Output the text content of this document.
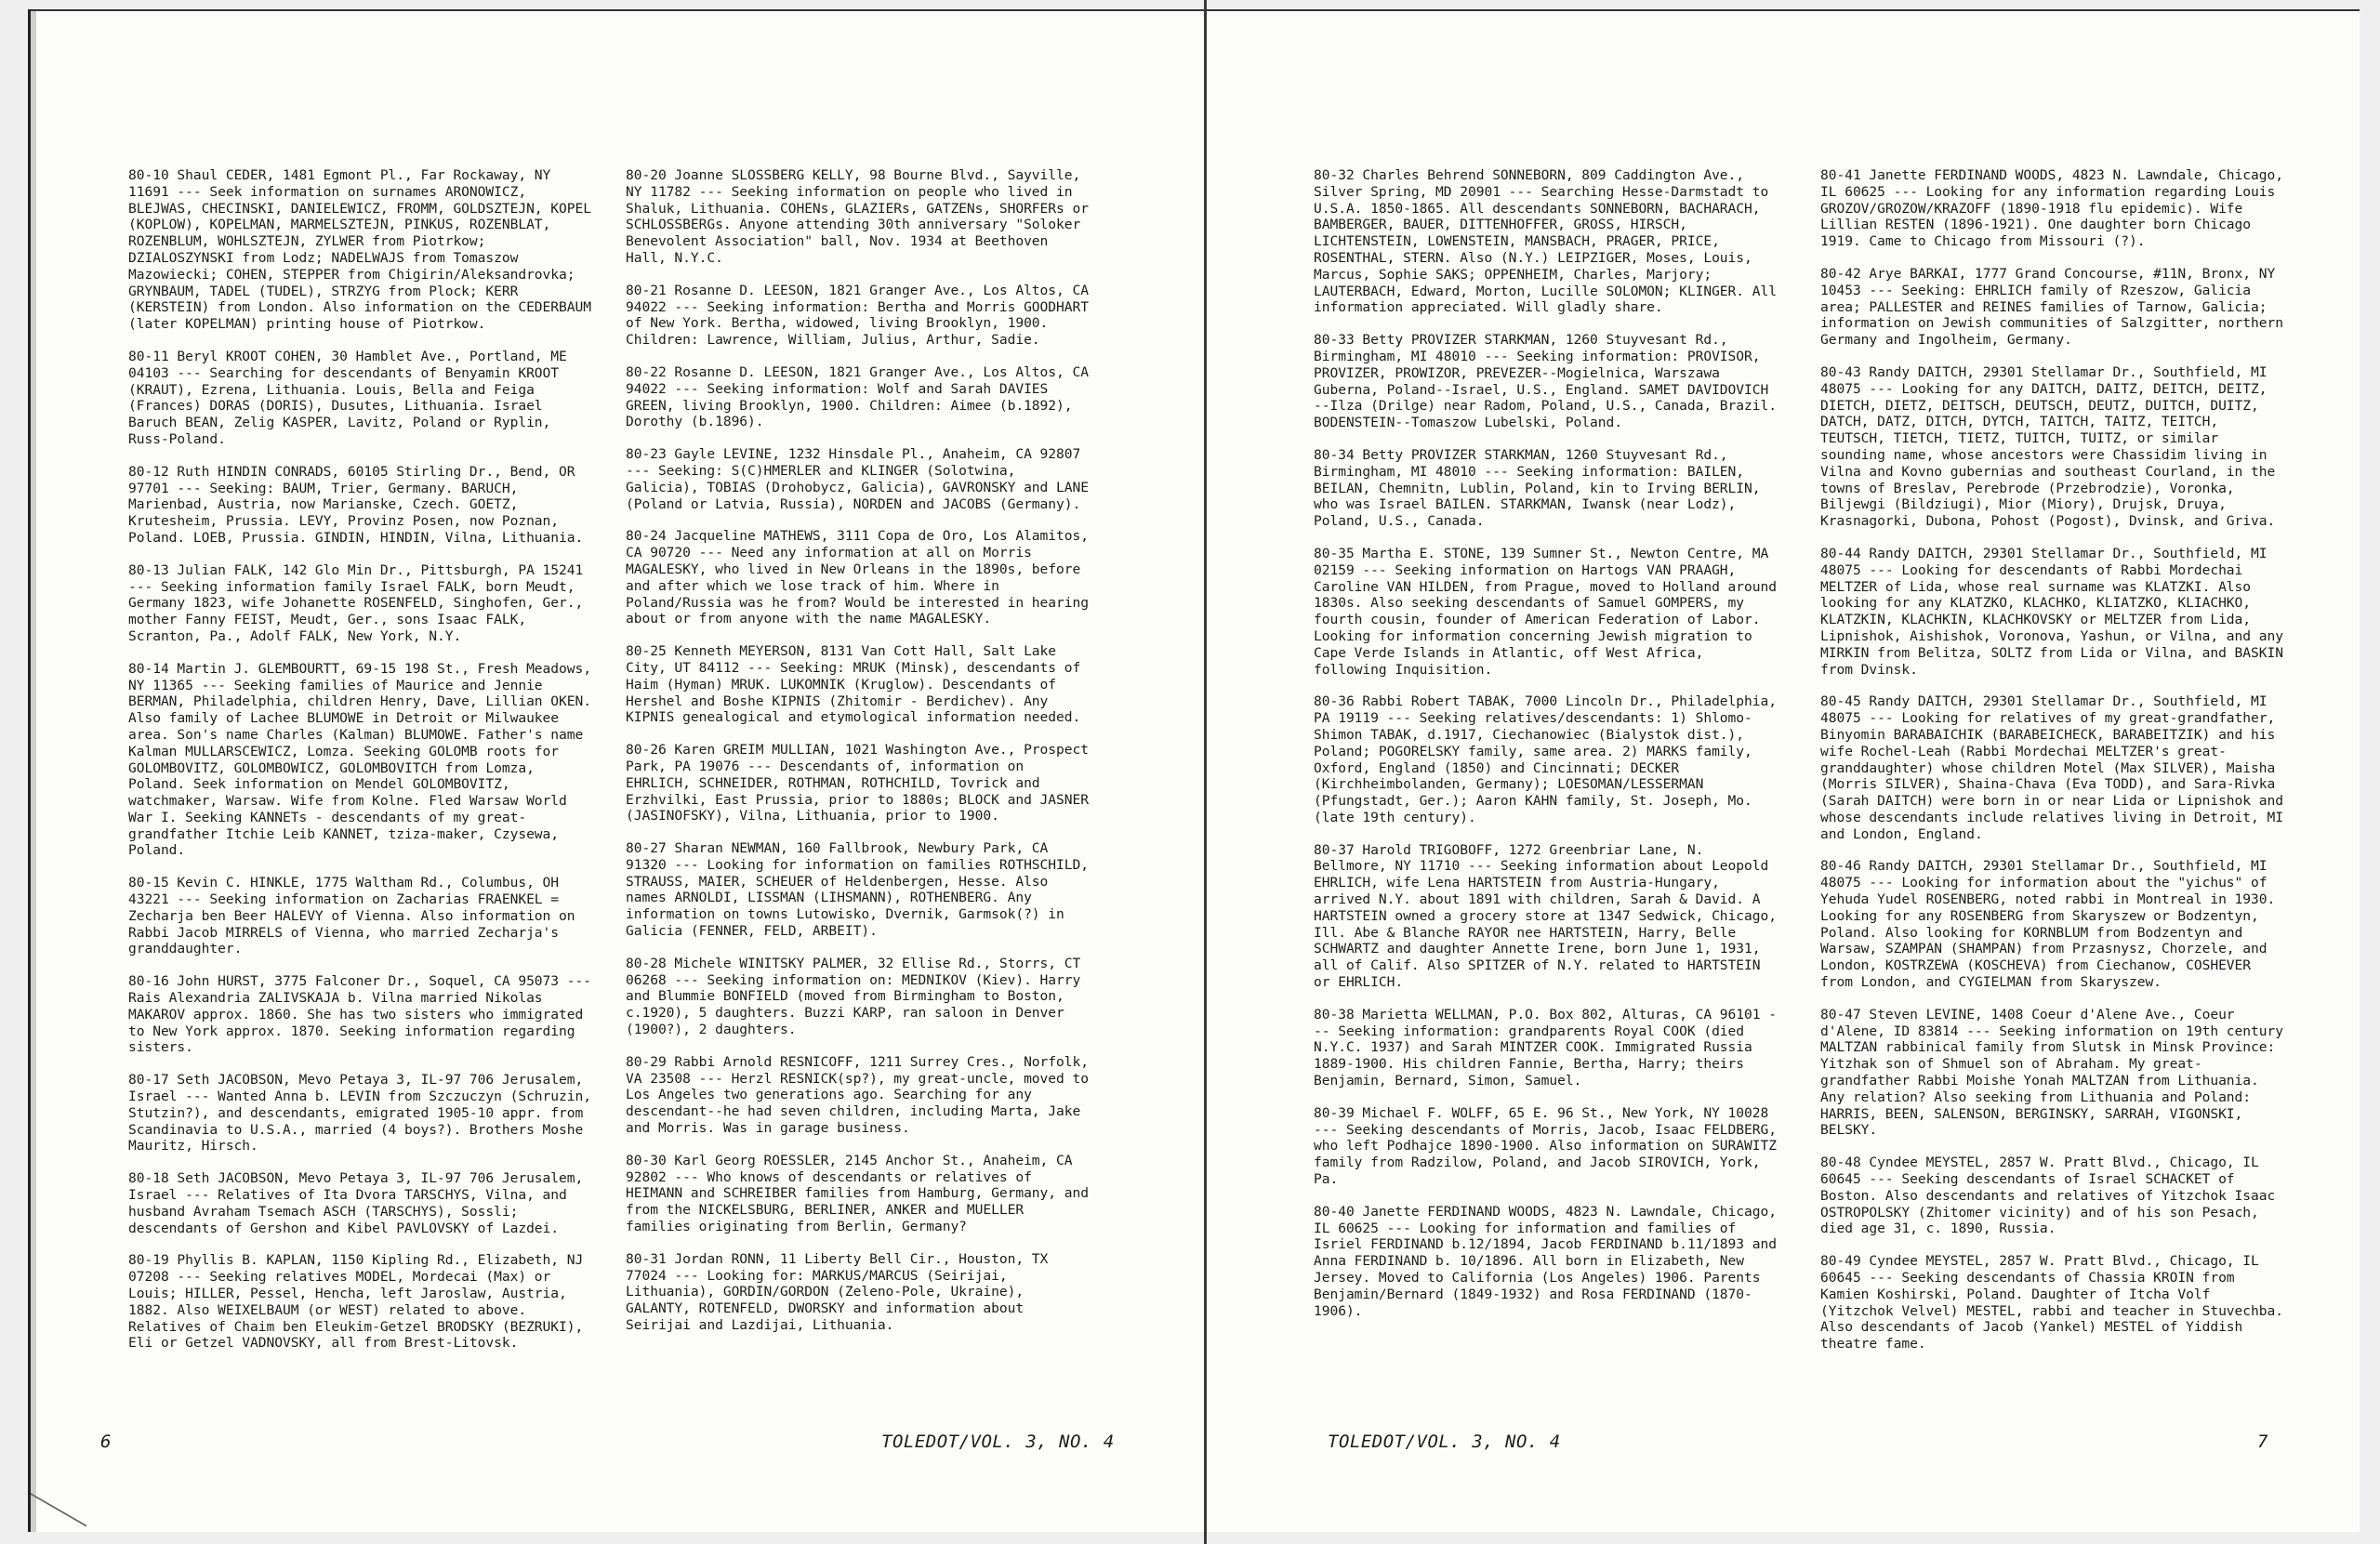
80-10 Shaul CEDER, 1481 Egmont Pl., Far Rockaway, NY 11691 --- Seek information on surnames ARONOWICZ, BLEJWAS, CHECINSKI, DANIELEWICZ, FROMM, GOLDSZTEJN, KOPEL (KOPLOW), KOPELMAN, MARMELSZTEJN, PINKUS, ROZENBLAT, ROZENBLUM, WOHLSZTEJN, ZYLWER from Piotrkow; DZIALOSZYNSKI from Lodz; NADELWAJS from Tomaszow Mazowiecki; COHEN, STEPPER from Chigirin/Aleksandrovka; GRYNBAUM, TADEL (TUDEL), STRZYG from Plock; KERR (KERSTEIN) from London. Also information on the CEDERBAUM (later KOPELMAN) printing house of Piotrkow.

80-11 Beryl KROOT COHEN, 30 Hamblet Ave., Portland, ME 04103 --- Searching for descendants of Benyamin KROOT (KRAUT), Ezrena, Lithuania. Louis, Bella and Feiga (Frances) DORAS (DORIS), Dusutes, Lithuania. Israel Baruch BEAN, Zelig KASPER, Lavitz, Poland or Ryplin, Russ-Poland.

80-12 Ruth HINDIN CONRADS, 60105 Stirling Dr., Bend, OR 97701 --- Seeking: BAUM, Trier, Germany. BARUCH, Marienbad, Austria, now Marianske, Czech. GOETZ, Krutesheim, Prussia. LEVY, Provinz Posen, now Poznan, Poland. LOEB, Prussia. GINDIN, HINDIN, Vilna, Lithuania.

80-13 Julian FALK, 142 Glo Min Dr., Pittsburgh, PA 15241 --- Seeking information family Israel FALK, born Meudt, Germany 1823, wife Johanette ROSENFELD, Singhofen, Ger., mother Fanny FEIST, Meudt, Ger., sons Isaac FALK, Scranton, Pa., Adolf FALK, New York, N.Y.

80-14 Martin J. GLEMBOURTT, 69-15 198 St., Fresh Meadows, NY 11365 --- Seeking families of Maurice and Jennie BERMAN, Philadelphia, children Henry, Dave, Lillian OKEN. Also family of Lachee BLUMOWE in Detroit or Milwaukee area. Son's name Charles (Kalman) BLUMOWE. Father's name Kalman MULLARSCEWICZ, Lomza. Seeking GOLOMB roots for GOLOMBOVITZ, GOLOMBOWICZ, GOLOMBOVITCH from Lomza, Poland. Seek information on Mendel GOLOMBOVITZ, watchmaker, Warsaw. Wife from Kolne. Fled Warsaw World War I. Seeking KANNETs - descendants of my great-grandfather Itchie Leib KANNET, tziza-maker, Czysewa, Poland.

80-15 Kevin C. HINKLE, 1775 Waltham Rd., Columbus, OH 43221 --- Seeking information on Zacharias FRAENKEL = Zecharja ben Beer HALEVY of Vienna. Also information on Rabbi Jacob MIRRELS of Vienna, who married Zecharja's granddaughter.

80-16 John HURST, 3775 Falconer Dr., Soquel, CA 95073 --- Rais Alexandria ZALIVSKAJA b. Vilna married Nikolas MAKAROV approx. 1860. She has two sisters who immigrated to New York approx. 1870. Seeking information regarding sisters.

80-17 Seth JACOBSON, Mevo Petaya 3, IL-97 706 Jerusalem, Israel --- Wanted Anna b. LEVIN from Szczuczyn (Schruzin, Stutzin?), and descendants, emigrated 1905-10 appr. from Scandinavia to U.S.A., married (4 boys?). Brothers Moshe Mauritz, Hirsch.

80-18 Seth JACOBSON, Mevo Petaya 3, IL-97 706 Jerusalem, Israel --- Relatives of Ita Dvora TARSCHYS, Vilna, and husband Avraham Tsemach ASCH (TARSCHYS), Sossli; descendants of Gershon and Kibel PAVLOVSKY of Lazdei.

80-19 Phyllis B. KAPLAN, 1150 Kipling Rd., Elizabeth, NJ 07208 --- Seeking relatives MODEL, Mordecai (Max) or Louis; HILLER, Pessel, Hencha, left Jaroslaw, Austria, 1882. Also WEIXELBAUM (or WEST) related to above. Relatives of Chaim ben Eleukim-Getzel BRODSKY (BEZRUKI), Eli or Getzel VADNOVSKY, all from Brest-Litovsk.

80-20 Joanne SLOSSBERG KELLY, 98 Bourne Blvd., Sayville, NY 11782 --- Seeking information on people who lived in Shaluk, Lithuania. COHENs, GLAZIERs, GATZENs, SHORFERs or SCHLOSSBERGs. Anyone attending 30th anniversary "Soloker Benevolent Association" ball, Nov. 1934 at Beethoven Hall, N.Y.C.

80-21 Rosanne D. LEESON, 1821 Granger Ave., Los Altos, CA 94022 --- Seeking information: Bertha and Morris GOODHART of New York. Bertha, widowed, living Brooklyn, 1900. Children: Lawrence, William, Julius, Arthur, Sadie.

80-22 Rosanne D. LEESON, 1821 Granger Ave., Los Altos, CA 94022 --- Seeking information: Wolf and Sarah DAVIES GREEN, living Brooklyn, 1900. Children: Aimee (b.1892), Dorothy (b.1896).

80-23 Gayle LEVINE, 1232 Hinsdale Pl., Anaheim, CA 92807 --- Seeking: S(C)HMERLER and KLINGER (Solotwina, Galicia), TOBIAS (Drohobycz, Galicia), GAVRONSKY and LANE (Poland or Latvia, Russia), NORDEN and JACOBS (Germany).

80-24 Jacqueline MATHEWS, 3111 Copa de Oro, Los Alamitos, CA 90720 --- Need any information at all on Morris MAGALESKY, who lived in New Orleans in the 1890s, before and after which we lose track of him. Where in Poland/Russia was he from? Would be interested in hearing about or from anyone with the name MAGALESKY.

80-25 Kenneth MEYERSON, 8131 Van Cott Hall, Salt Lake City, UT 84112 --- Seeking: MRUK (Minsk), descendants of Haim (Hyman) MRUK. LUKOMNIK (Kruglow). Descendants of Hershel and Boshe KIPNIS (Zhitomir - Berdichev). Any KIPNIS genealogical and etymological information needed.

80-26 Karen GREIM MULLIAN, 1021 Washington Ave., Prospect Park, PA 19076 --- Descendants of, information on EHRLICH, SCHNEIDER, ROTHMAN, ROTHCHILD, Tovrick and Erzhvilki, East Prussia, prior to 1880s; BLOCK and JASNER (JASINOFSKY), Vilna, Lithuania, prior to 1900.

80-27 Sharan NEWMAN, 160 Fallbrook, Newbury Park, CA 91320 --- Looking for information on families ROTHSCHILD, STRAUSS, MAIER, SCHEUER of Heldenbergen, Hesse. Also names ARNOLDI, LISSMAN (LIHSMANN), ROTHENBERG. Any information on towns Lutowisko, Dvernik, Garmsok(?) in Galicia (FENNER, FELD, ARBEIT).

80-28 Michele WINITSKY PALMER, 32 Ellise Rd., Storrs, CT 06268 --- Seeking information on: MEDNIKOV (Kiev). Harry and Blummie BONFIELD (moved from Birmingham to Boston, c.1920), 5 daughters. Buzzi KARP, ran saloon in Denver (1900?), 2 daughters.

80-29 Rabbi Arnold RESNICOFF, 1211 Surrey Cres., Norfolk, VA 23508 --- Herzl RESNICK(sp?), my great-uncle, moved to Los Angeles two generations ago. Searching for any descendant--he had seven children, including Marta, Jake and Morris. Was in garage business.

80-30 Karl Georg ROESSLER, 2145 Anchor St., Anaheim, CA 92802 --- Who knows of descendants or relatives of HEIMANN and SCHREIBER families from Hamburg, Germany, and from the NICKELSBURG, BERLINER, ANKER and MUELLER families originating from Berlin, Germany?

80-31 Jordan RONN, 11 Liberty Bell Cir., Houston, TX 77024 --- Looking for: MARKUS/MARCUS (Seirijai, Lithuania), GORDIN/GORDON (Zeleno-Pole, Ukraine), GALANTY, ROTENFELD, DWORSKY and information about Seirijai and Lazdijai, Lithuania.

6	TOLEDOT/VOL. 3, NO. 4

80-32 Charles Behrend SONNEBORN, 809 Caddington Ave., Silver Spring, MD 20901 --- Searching Hesse-Darmstadt to U.S.A. 1850-1865. All descendants SONNEBORN, BACHARACH, BAMBERGER, BAUER, DITTENHOFFER, GROSS, HIRSCH, LICHTENSTEIN, LOWENSTEIN, MANSBACH, PRAGER, PRICE, ROSENTHAL, STERN. Also (N.Y.) LEIPZIGER, Moses, Louis, Marcus, Sophie SAKS; OPPENHEIM, Charles, Marjory; LAUTERBACH, Edward, Morton, Lucille SOLOMON; KLINGER. All information appreciated. Will gladly share.

80-33 Betty PROVIZER STARKMAN, 1260 Stuyvesant Rd., Birmingham, MI 48010 --- Seeking information: PROVISOR, PROVIZER, PROWIZOR, PREVEZER--Mogielnica, Warszawa Guberna, Poland--Israel, U.S., England. SAMET DAVIDOVICH --Ilza (Drilge) near Radom, Poland, U.S., Canada, Brazil. BODENSTEIN--Tomaszow Lubelski, Poland.

80-34 Betty PROVIZER STARKMAN, 1260 Stuyvesant Rd., Birmingham, MI 48010 --- Seeking information: BAILEN, BEILAN, Chemnitn, Lublin, Poland, kin to Irving BERLIN, who was Israel BAILEN. STARKMAN, Iwansk (near Lodz), Poland, U.S., Canada.

80-35 Martha E. STONE, 139 Sumner St., Newton Centre, MA 02159 --- Seeking information on Hartogs VAN PRAAGH, Caroline VAN HILDEN, from Prague, moved to Holland around 1830s. Also seeking descendants of Samuel GOMPERS, my fourth cousin, founder of American Federation of Labor. Looking for information concerning Jewish migration to Cape Verde Islands in Atlantic, off West Africa, following Inquisition.

80-36 Rabbi Robert TABAK, 7000 Lincoln Dr., Philadelphia, PA 19119 --- Seeking relatives/descendants: 1) Shlomo-Shimon TABAK, d.1917, Ciechanowiec (Bialystok dist.), Poland; POGORELSKY family, same area. 2) MARKS family, Oxford, England (1850) and Cincinnati; DECKER (Kirchheimbolanden, Germany); LOESOMAN/LESSERMAN (Pfungstadt, Ger.); Aaron KAHN family, St. Joseph, Mo. (late 19th century).

80-37 Harold TRIGOBOFF, 1272 Greenbriar Lane, N. Bellmore, NY 11710 --- Seeking information about Leopold EHRLICH, wife Lena HARTSTEIN from Austria-Hungary, arrived N.Y. about 1891 with children, Sarah & David. A HARTSTEIN owned a grocery store at 1347 Sedwick, Chicago, Ill. Abe & Blanche RAYOR nee HARTSTEIN, Harry, Belle SCHWARTZ and daughter Annette Irene, born June 1, 1931, all of Calif. Also SPITZER of N.Y. related to HARTSTEIN or EHRLICH.

80-38 Marietta WELLMAN, P.O. Box 802, Alturas, CA 96101 --- Seeking information: grandparents Royal COOK (died N.Y.C. 1937) and Sarah MINTZER COOK. Immigrated Russia 1889-1900. His children Fannie, Bertha, Harry; theirs Benjamin, Bernard, Simon, Samuel.

80-39 Michael F. WOLFF, 65 E. 96 St., New York, NY 10028 --- Seeking descendants of Morris, Jacob, Isaac FELDBERG, who left Podhajce 1890-1900. Also information on SURAWITZ family from Radzilow, Poland, and Jacob SIROVICH, York, Pa.

80-40 Janette FERDINAND WOODS, 4823 N. Lawndale, Chicago, IL 60625 --- Looking for information and families of Isriel FERDINAND b.12/1894, Jacob FERDINAND b.11/1893 and Anna FERDINAND b. 10/1896. All born in Elizabeth, New Jersey. Moved to California (Los Angeles) 1906. Parents Benjamin/Bernard (1849-1932) and Rosa FERDINAND (1870-1906).

80-41 Janette FERDINAND WOODS, 4823 N. Lawndale, Chicago, IL 60625 --- Looking for any information regarding Louis GROZOV/GROZOW/KRAZOFF (1890-1918 flu epidemic). Wife Lillian RESTEN (1896-1921). One daughter born Chicago 1919. Came to Chicago from Missouri (?).

80-42 Arye BARKAI, 1777 Grand Concourse, #11N, Bronx, NY 10453 --- Seeking: EHRLICH family of Rzeszow, Galicia area; PALLESTER and REINES families of Tarnow, Galicia; information on Jewish communities of Salzgitter, northern Germany and Ingolheim, Germany.

80-43 Randy DAITCH, 29301 Stellamar Dr., Southfield, MI 48075 --- Looking for any DAITCH, DAITZ, DEITCH, DEITZ, DIETCH, DIETZ, DEITSCH, DEUTSCH, DEUTZ, DUITCH, DUITZ, DATCH, DATZ, DITCH, DYTCH, TAITCH, TAITZ, TEITCH, TEUTSCH, TIETCH, TIETZ, TUITCH, TUITZ, or similar sounding name, whose ancestors were Chassidim living in Vilna and Kovno gubernias and southeast Courland, in the towns of Breslav, Perebrode (Przebrodzie), Voronka, Biljewgi (Bildziugi), Mior (Miory), Drujsk, Druya, Krasnagorki, Dubona, Pohost (Pogost), Dvinsk, and Griva.

80-44 Randy DAITCH, 29301 Stellamar Dr., Southfield, MI 48075 --- Looking for descendants of Rabbi Mordechai MELTZER of Lida, whose real surname was KLATZKI. Also looking for any KLATZKO, KLACHKO, KLIATZKO, KLIACHKO, KLATZKIN, KLACHKIN, KLACHKOVSKY or MELTZER from Lida, Lipnishok, Aishishok, Voronova, Yashun, or Vilna, and any MIRKIN from Belitza, SOLTZ from Lida or Vilna, and BASKIN from Dvinsk.

80-45 Randy DAITCH, 29301 Stellamar Dr., Southfield, MI 48075 --- Looking for relatives of my great-grandfather, Binyomin BARABAICHIK (BARABEICHECK, BARABEITZIK) and his wife Rochel-Leah (Rabbi Mordechai MELTZER's great-granddaughter) whose children Motel (Max SILVER), Maisha (Morris SILVER), Shaina-Chava (Eva TODD), and Sara-Rivka (Sarah DAITCH) were born in or near Lida or Lipnishok and whose descendants include relatives living in Detroit, MI and London, England.

80-46 Randy DAITCH, 29301 Stellamar Dr., Southfield, MI 48075 --- Looking for information about the "yichus" of Yehuda Yudel ROSENBERG, noted rabbi in Montreal in 1930. Looking for any ROSENBERG from Skaryszew or Bodzentyn, Poland. Also looking for KORNBLUM from Bodzentyn and Warsaw, SZAMPAN (SHAMPAN) from Przasnysz, Chorzele, and London, KOSTRZEWA (KOSCHEVA) from Ciechanow, COSHEVER from London, and CYGIELMAN from Skaryszew.

80-47 Steven LEVINE, 1408 Coeur d'Alene Ave., Coeur d'Alene, ID 83814 --- Seeking information on 19th century MALTZAN rabbinical family from Slutsk in Minsk Province: Yitzhak son of Shmuel son of Abraham. My great-grandfather Rabbi Moishe Yonah MALTZAN from Lithuania. Any relation? Also seeking from Lithuania and Poland: HARRIS, BEEN, SALENSON, BERGINSKY, SARRAH, VIGONSKI, BELSKY.

80-48 Cyndee MEYSTEL, 2857 W. Pratt Blvd., Chicago, IL 60645 --- Seeking descendants of Israel SCHACKET of Boston. Also descendants and relatives of Yitzchok Isaac OSTROPOLSKY (Zhitomer vicinity) and of his son Pesach, died age 31, c. 1890, Russia.

80-49 Cyndee MEYSTEL, 2857 W. Pratt Blvd., Chicago, IL 60645 --- Seeking descendants of Chassia KROIN from Kamien Koshirski, Poland. Daughter of Itcha Volf (Yitzchok Velvel) MESTEL, rabbi and teacher in Stuvechba. Also descendants of Jacob (Yankel) MESTEL of Yiddish theatre fame.

TOLEDOT/VOL. 3, NO. 4	7
